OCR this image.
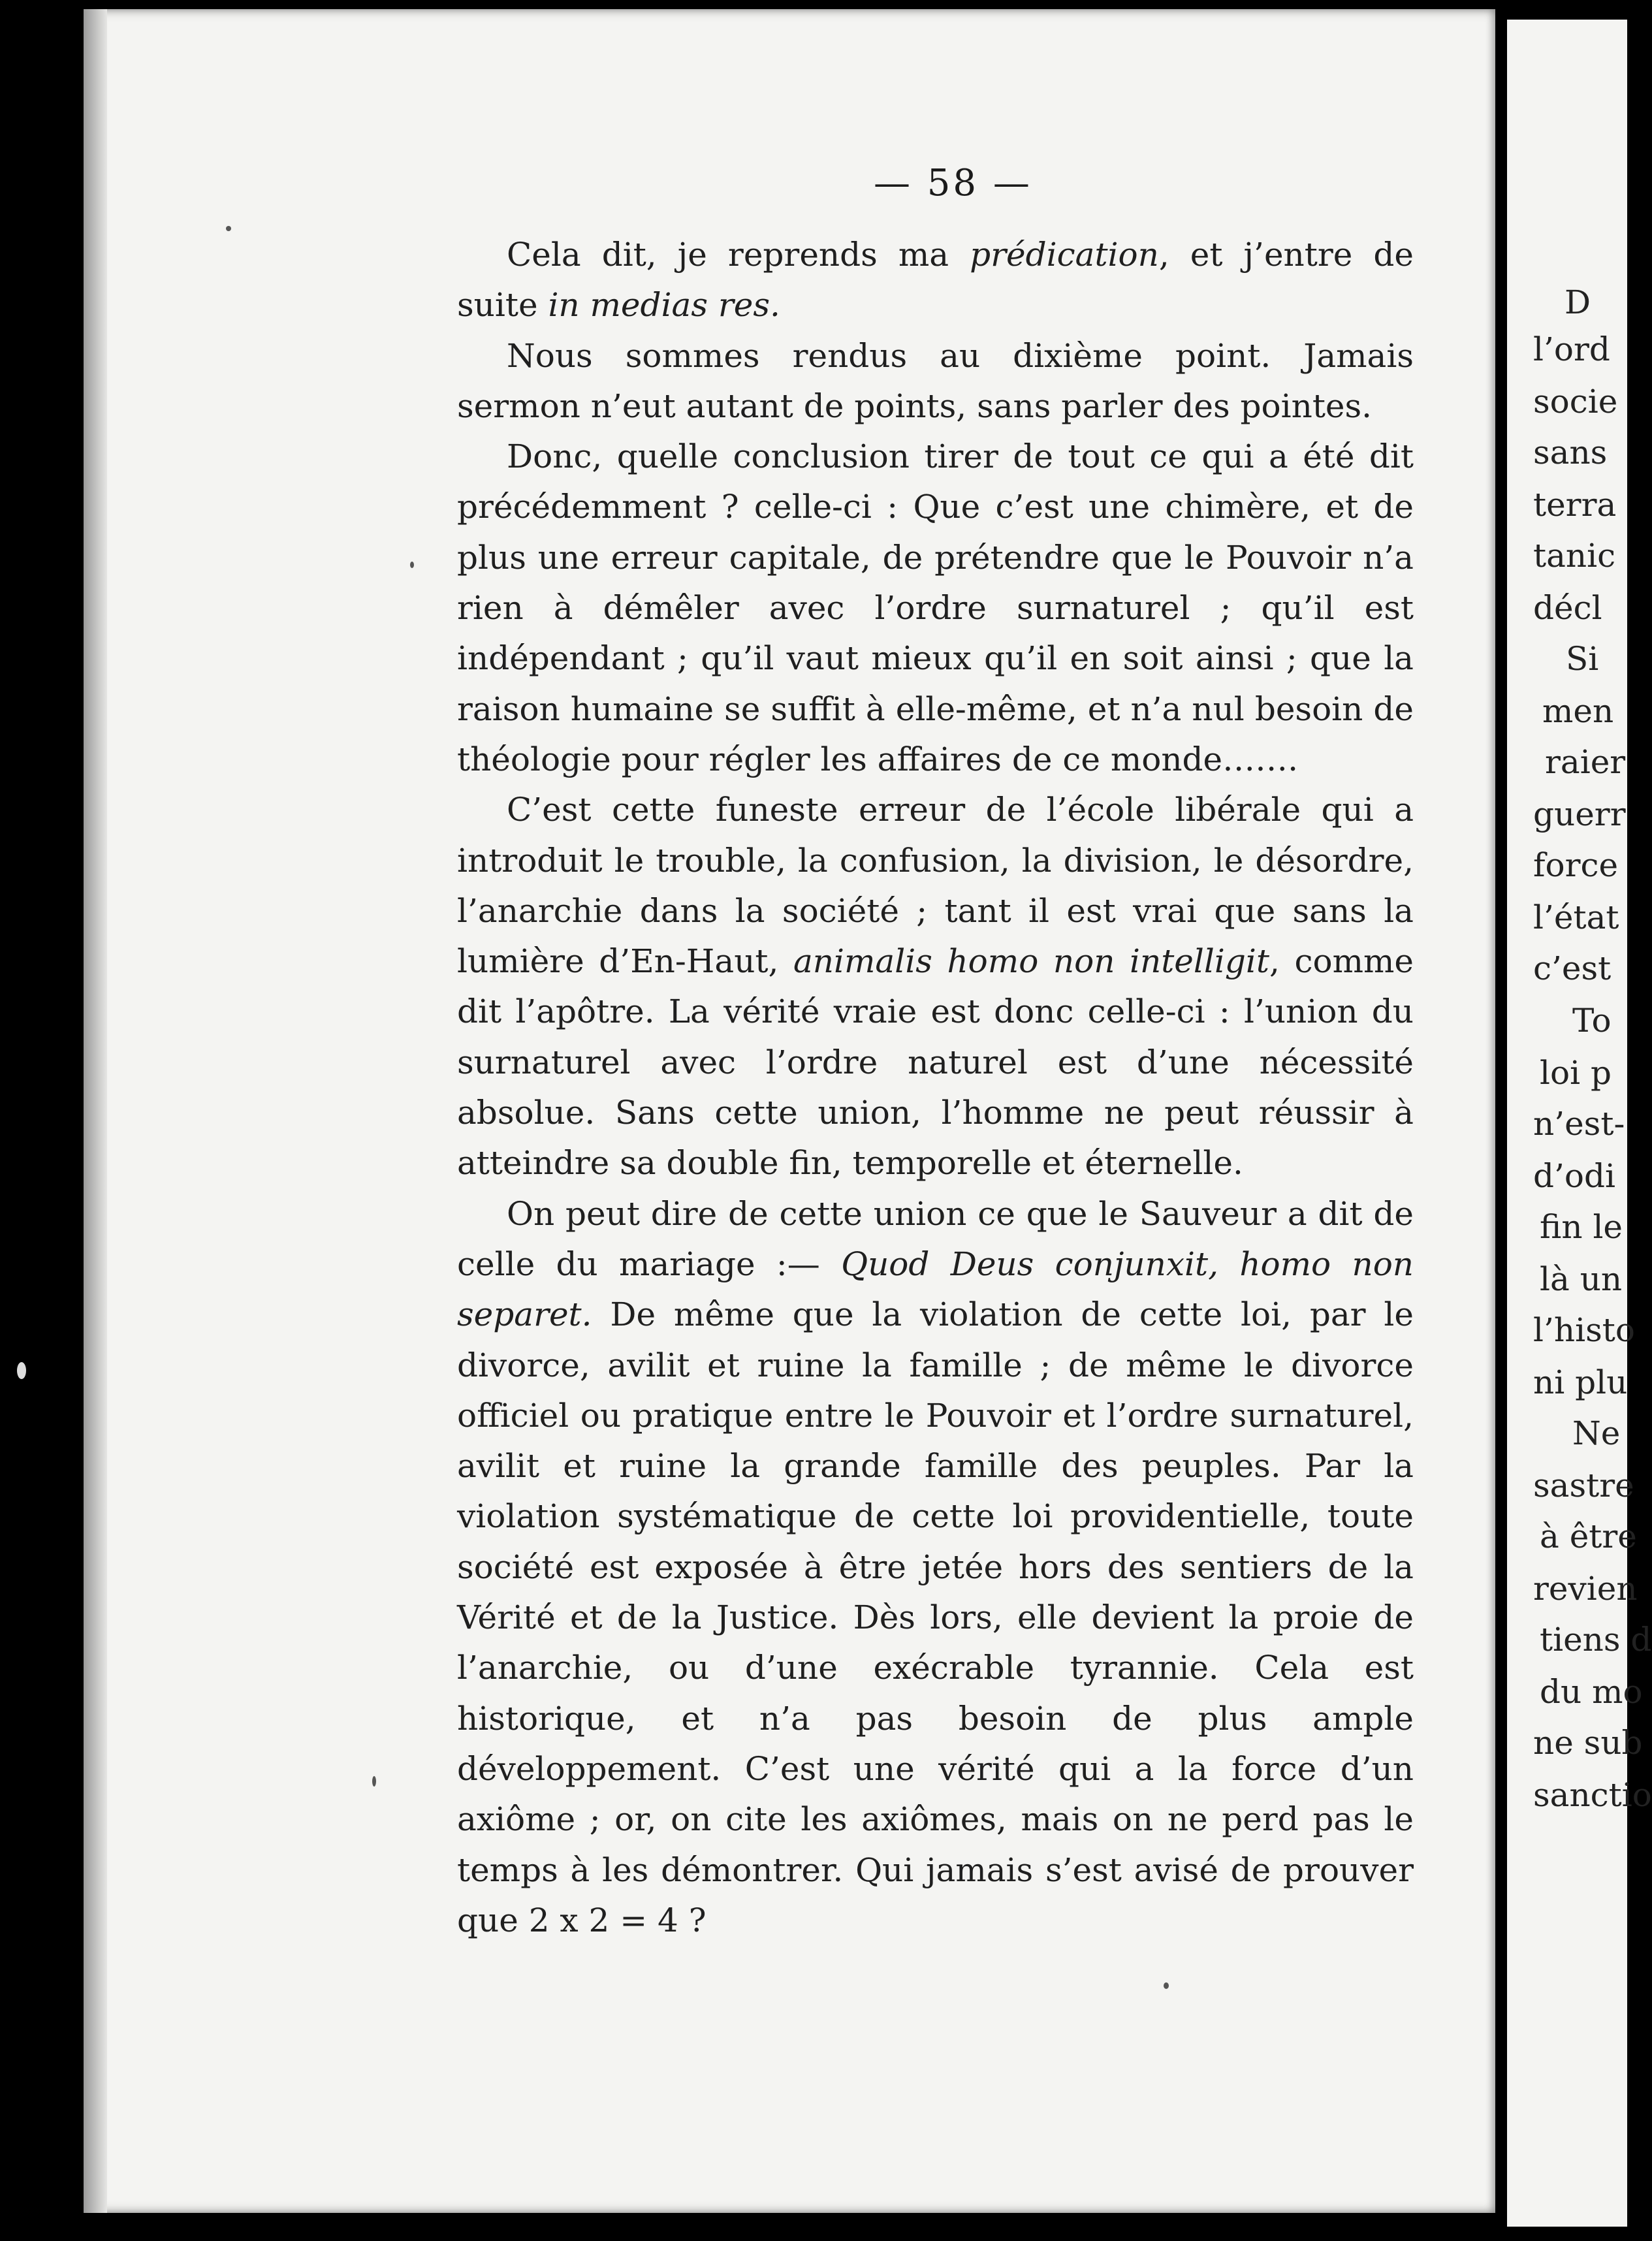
D
l’ord
socie
sans
terra
tanic
décl
Si
men
raier
guerr
force
l’état
c’est
To
loi p
n’est-
d’odi
fin le
là un
l’histo
ni plu
Ne
sastre
à être
revien
tiens d
du mo
ne sub
sanctio
— 58 —

Cela dit, je reprends ma prédication, et j’entre de suite in medias res.

Nous sommes rendus au dixième point. Jamais sermon n’eut autant de points, sans parler des pointes.

Donc, quelle conclusion tirer de tout ce qui a été dit précédemment ? celle-ci : Que c’est une chimère, et de plus une erreur capitale, de prétendre que le Pouvoir n’a rien à démêler avec l’ordre surnaturel ; qu’il est indépendant ; qu’il vaut mieux qu’il en soit ainsi ; que la raison humaine se suffit à elle-même, et n’a nul besoin de théologie pour régler les affaires de ce monde…….

C’est cette funeste erreur de l’école libérale qui a introduit le trouble, la confusion, la division, le désordre, l’anarchie dans la société ; tant il est vrai que sans la lumière d’En-Haut, animalis homo non intelligit, comme dit l’apôtre. La vérité vraie est donc celle-ci : l’union du surnaturel avec l’ordre naturel est d’une nécessité absolue. Sans cette union, l’homme ne peut réussir à atteindre sa double fin, temporelle et éternelle.

On peut dire de cette union ce que le Sauveur a dit de celle du mariage :— Quod Deus conjunxit, homo non separet. De même que la violation de cette loi, par le divorce, avilit et ruine la famille ; de même le divorce officiel ou pratique entre le Pouvoir et l’ordre surnaturel, avilit et ruine la grande famille des peuples. Par la violation systématique de cette loi providentielle, toute société est exposée à être jetée hors des sentiers de la Vérité et de la Justice. Dès lors, elle devient la proie de l’anarchie, ou d’une exécrable tyrannie. Cela est historique, et n’a pas besoin de plus ample développement. C’est une vérité qui a la force d’un axiôme ; or, on cite les axiômes, mais on ne perd pas le temps à les démontrer. Qui jamais s’est avisé de prouver que 2 x 2 = 4 ?
